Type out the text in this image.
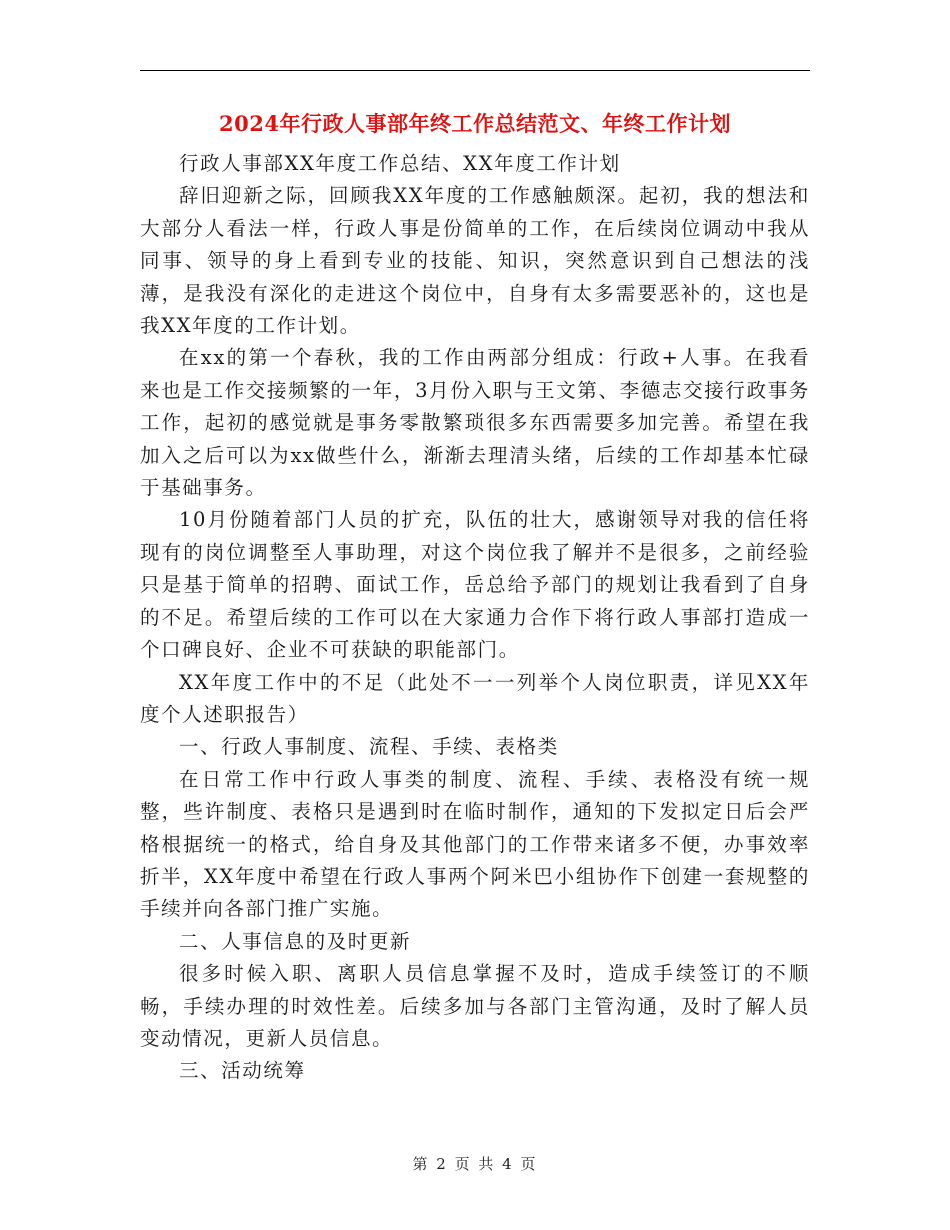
2024年行政人事部年终工作总结范文、年终工作计划

行政人事部XX年度工作总结、XX年度工作计划

辞旧迎新之际，回顾我XX年度的工作感触颇深。起初，我的想法和大部分人看法一样，行政人事是份简单的工作，在后续岗位调动中我从同事、领导的身上看到专业的技能、知识，突然意识到自己想法的浅薄，是我没有深化的走进这个岗位中，自身有太多需要恶补的，这也是我XX年度的工作计划。

在xx的第一个春秋，我的工作由两部分组成：行政+人事。在我看来也是工作交接频繁的一年，3月份入职与王文第、李德志交接行政事务工作，起初的感觉就是事务零散繁琐很多东西需要多加完善。希望在我加入之后可以为xx做些什么，渐渐去理清头绪，后续的工作却基本忙碌于基础事务。

10月份随着部门人员的扩充，队伍的壮大，感谢领导对我的信任将现有的岗位调整至人事助理，对这个岗位我了解并不是很多，之前经验只是基于简单的招聘、面试工作，岳总给予部门的规划让我看到了自身的不足。希望后续的工作可以在大家通力合作下将行政人事部打造成一个口碑良好、企业不可获缺的职能部门。

XX年度工作中的不足（此处不一一列举个人岗位职责，详见XX年度个人述职报告）

一、行政人事制度、流程、手续、表格类

在日常工作中行政人事类的制度、流程、手续、表格没有统一规整，些许制度、表格只是遇到时在临时制作，通知的下发拟定日后会严格根据统一的格式，给自身及其他部门的工作带来诸多不便，办事效率折半，XX年度中希望在行政人事两个阿米巴小组协作下创建一套规整的手续并向各部门推广实施。

二、人事信息的及时更新

很多时候入职、离职人员信息掌握不及时，造成手续签订的不顺畅，手续办理的时效性差。后续多加与各部门主管沟通，及时了解人员变动情况，更新人员信息。

三、活动统筹

第 2 页 共 4 页
